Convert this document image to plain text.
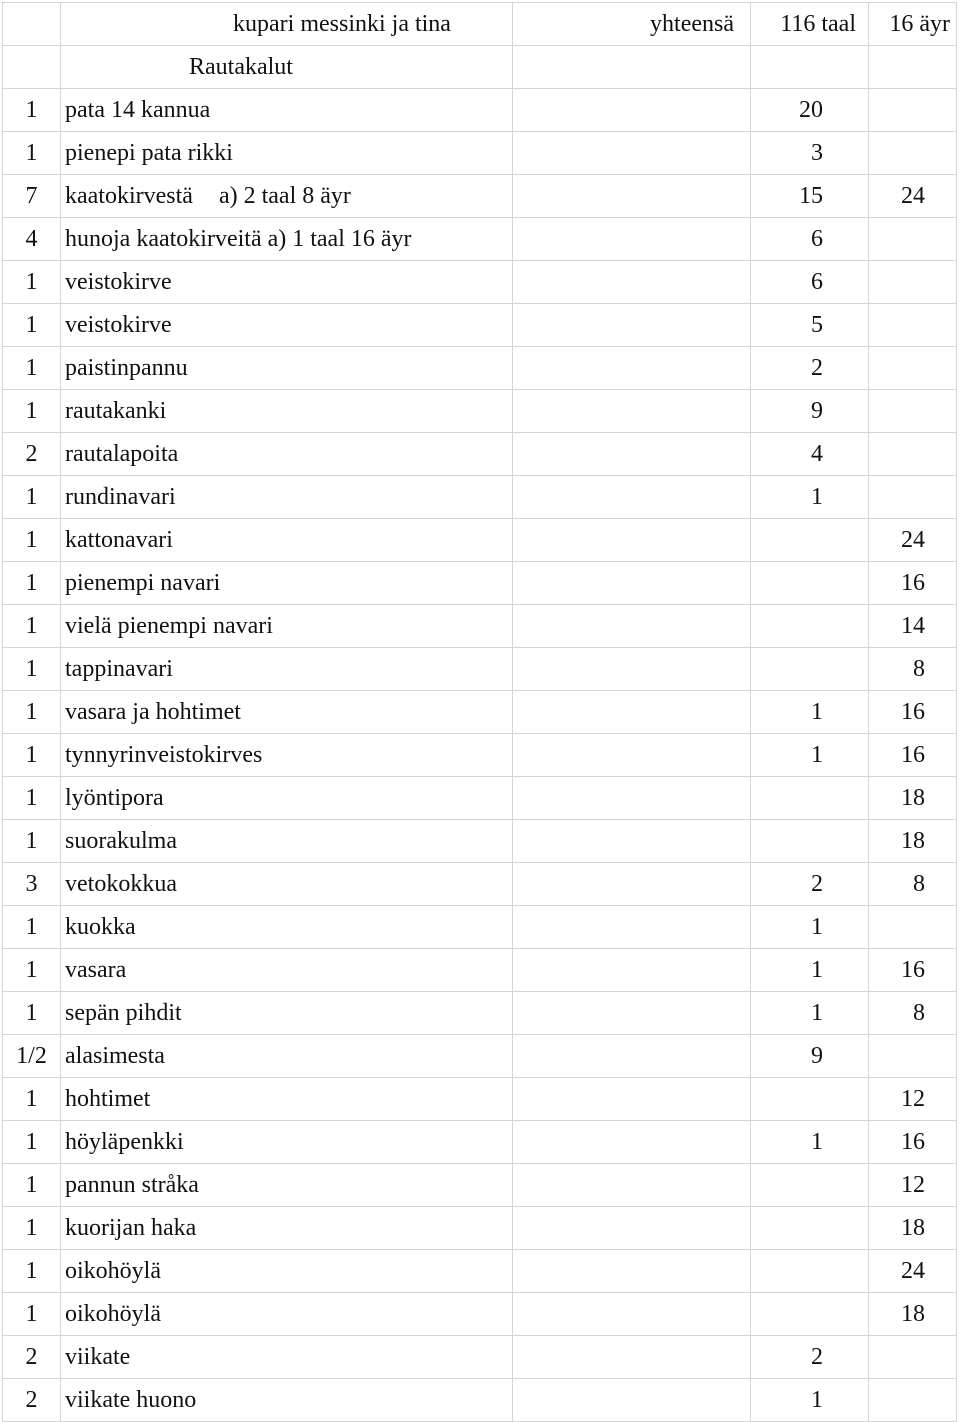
	kupari messinki ja tina	yhteensä	116 taal	16 äyr
	Rautakalut			
1	pata 14 kannua		20	
1	pienepi pata rikki		3	
7	kaatokirvestä a) 2 taal 8 äyr		15	24
4	hunoja kaatokirveitä a) 1 taal 16 äyr		6	
1	veistokirve		6	
1	veistokirve		5	
1	paistinpannu		2	
1	rautakanki		9	
2	rautalapoita		4	
1	rundinavari		1	
1	kattonavari			24
1	pienempi navari			16
1	vielä pienempi navari			14
1	tappinavari			8
1	vasara ja hohtimet		1	16
1	tynnyrinveistokirves		1	16
1	lyöntipora			18
1	suorakulma			18
3	vetokokkua		2	8
1	kuokka		1	
1	vasara		1	16
1	sepän pihdit		1	8
1/2	alasimesta		9	
1	hohtimet			12
1	höyläpenkki		1	16
1	pannun stråka			12
1	kuorijan haka			18
1	oikohöylä			24
1	oikohöylä			18
2	viikate		2	
2	viikate huono		1	
